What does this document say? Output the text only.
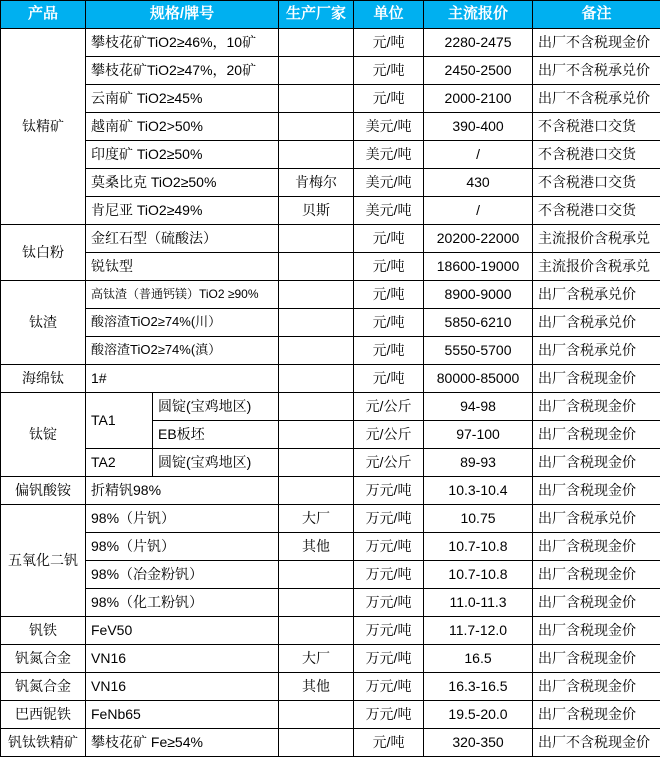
产品	规格/牌号		生产厂家	单位	主流报价	备注
钛精矿	攀枝花矿TiO2≥46%，10矿			元/吨	2280-2475	出厂不含税现金价
	攀枝花矿TiO2≥47%，20矿			元/吨	2450-2500	出厂不含税承兑价
	云南矿 TiO2≥45%			元/吨	2000-2100	出厂不含税承兑价
	越南矿 TiO2>50%			美元/吨	390-400	不含税港口交货
	印度矿 TiO2≥50%			美元/吨	/	不含税港口交货
	莫桑比克 TiO2≥50%		肯梅尔	美元/吨	430	不含税港口交货
	肯尼亚 TiO2≥49%		贝斯	美元/吨	/	不含税港口交货
钛白粉	金红石型（硫酸法）			元/吨	20200-22000	主流报价含税承兑
	锐钛型			元/吨	18600-19000	主流报价含税承兑
钛渣	高钛渣（普通钙镁）TiO2 ≥90%			元/吨	8900-9000	出厂含税承兑价
	酸溶渣TiO2≥74%(川）			元/吨	5850-6210	出厂含税承兑价
	酸溶渣TiO2≥74%(滇）			元/吨	5550-5700	出厂含税承兑价
海绵钛	1#			元/吨	80000-85000	出厂含税现金价
钛锭	TA1	圆锭(宝鸡地区)		元/公斤	94-98	出厂含税现金价
		EB板坯		元/公斤	97-100	出厂含税现金价
	TA2	圆锭(宝鸡地区)		元/公斤	89-93	出厂含税现金价
偏钒酸铵	折精钒98%			万元/吨	10.3-10.4	出厂含税现金价
五氧化二钒	98%（片钒）		大厂	万元/吨	10.75	出厂含税承兑价
	98%（片钒）		其他	万元/吨	10.7-10.8	出厂含税现金价
	98%（冶金粉钒）			万元/吨	10.7-10.8	出厂含税现金价
	98%（化工粉钒）			万元/吨	11.0-11.3	出厂含税现金价
钒铁	FeV50			万元/吨	11.7-12.0	出厂含税现金价
钒氮合金	VN16		大厂	万元/吨	16.5	出厂含税现金价
钒氮合金	VN16		其他	万元/吨	16.3-16.5	出厂含税现金价
巴西铌铁	FeNb65			万元/吨	19.5-20.0	出厂含税现金价
钒钛铁精矿	攀枝花矿 Fe≥54%			元/吨	320-350	出厂不含税现金价
